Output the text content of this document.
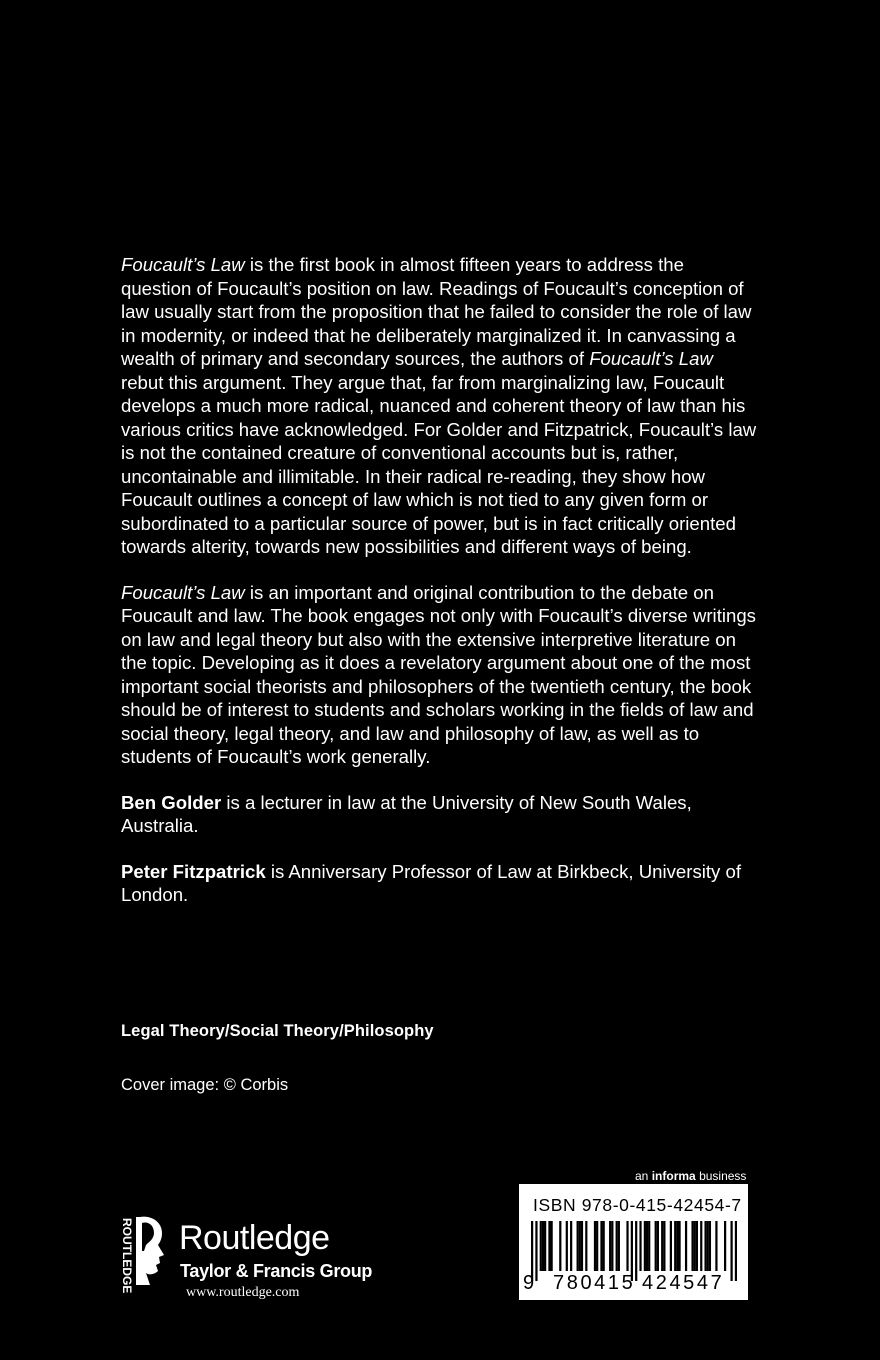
Foucault’s Law is the first book in almost fifteen years to address the question of Foucault’s position on law. Readings of Foucault’s conception of law usually start from the proposition that he failed to consider the role of law in modernity, or indeed that he deliberately marginalized it. In canvassing a wealth of primary and secondary sources, the authors of Foucault’s Law rebut this argument. They argue that, far from marginalizing law, Foucault develops a much more radical, nuanced and coherent theory of law than his various critics have acknowledged. For Golder and Fitzpatrick, Foucault’s law is not the contained creature of conventional accounts but is, rather, uncontainable and illimitable. In their radical re-reading, they show how Foucault outlines a concept of law which is not tied to any given form or subordinated to a particular source of power, but is in fact critically oriented towards alterity, towards new possibilities and different ways of being.

Foucault’s Law is an important and original contribution to the debate on Foucault and law. The book engages not only with Foucault’s diverse writings on law and legal theory but also with the extensive interpretive literature on the topic. Developing as it does a revelatory argument about one of the most important social theorists and philosophers of the twentieth century, the book should be of interest to students and scholars working in the fields of law and social theory, legal theory, and law and philosophy of law, as well as to students of Foucault’s work generally.

Ben Golder is a lecturer in law at the University of New South Wales, Australia.

Peter Fitzpatrick is Anniversary Professor of Law at Birkbeck, University of London.

Legal Theory/Social Theory/Philosophy
Cover image: © Corbis
ROUTLEDGE Routledge
Taylor & Francis Group
www.routledge.com
an informa business
ISBN 978-0-415-42454-7
9 780415 424547
